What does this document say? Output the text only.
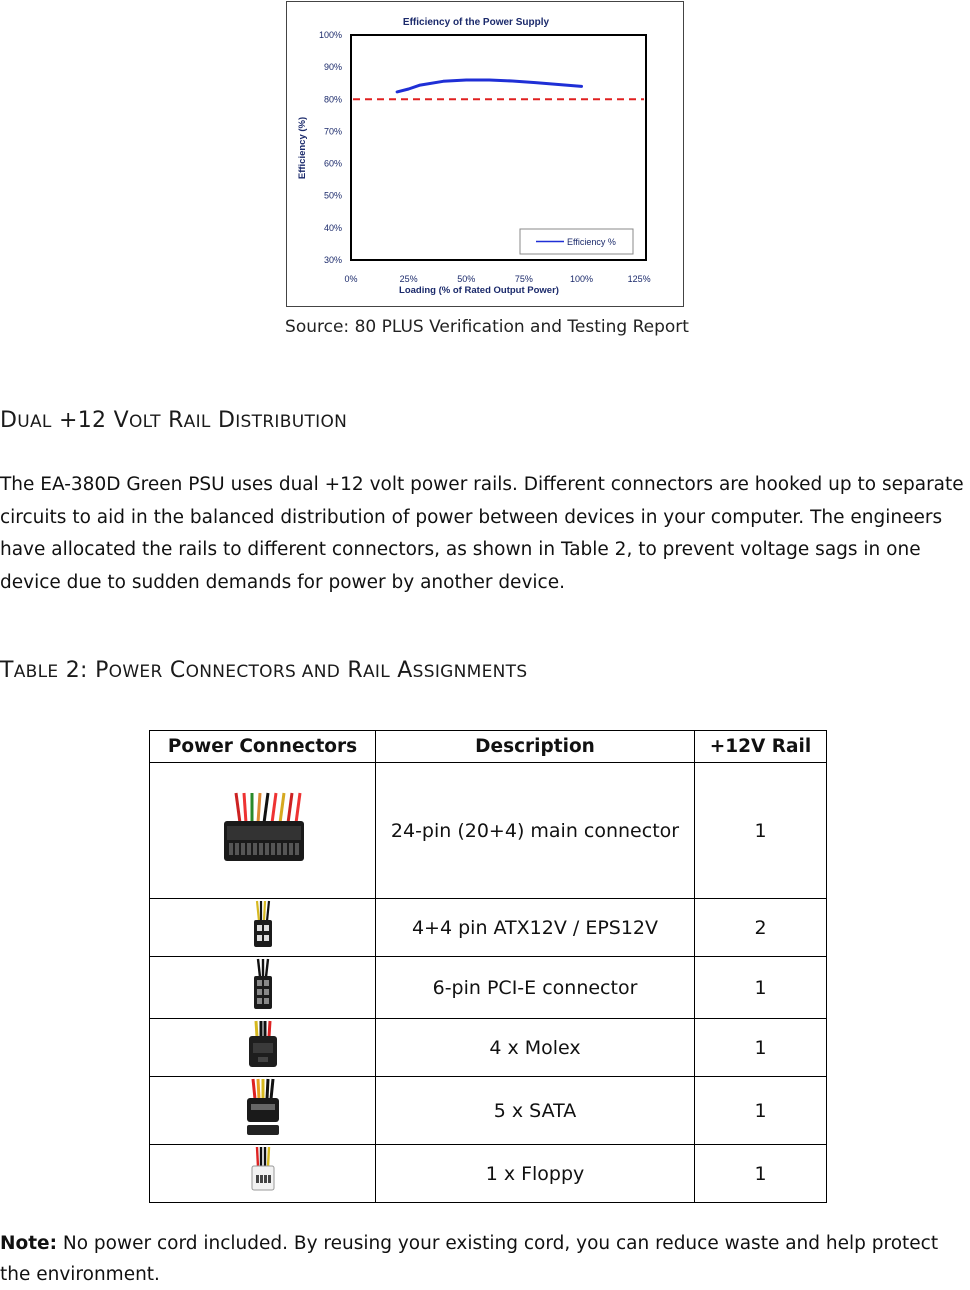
Efficiency of the Power Supply
Efficiency (%)
Loading (% of Rated Output Power)
100%
90%
80%
70%
60%
50%
40%
30%
0%	25%	50%	75%	100%	125%
Efficiency %
Source: 80 PLUS Verification and Testing Report
DUAL +12 VOLT RAIL DISTRIBUTION
The EA-380D Green PSU uses dual +12 volt power rails. Different connectors are hooked up to separate circuits to aid in the balanced distribution of power between devices in your computer. The engineers have allocated the rails to different connectors, as shown in Table 2, to prevent voltage sags in one device due to sudden demands for power by another device.
TABLE 2: POWER CONNECTORS AND RAIL ASSIGNMENTS
Power Connectors	Description	+12V Rail
	24-pin (20+4) main connector	1
	4+4 pin ATX12V / EPS12V	2
	6-pin PCI-E connector	1
	4 x Molex	1
	5 x SATA	1
	1 x Floppy	1
Note: No power cord included. By reusing your existing cord, you can reduce waste and help protect the environment.
